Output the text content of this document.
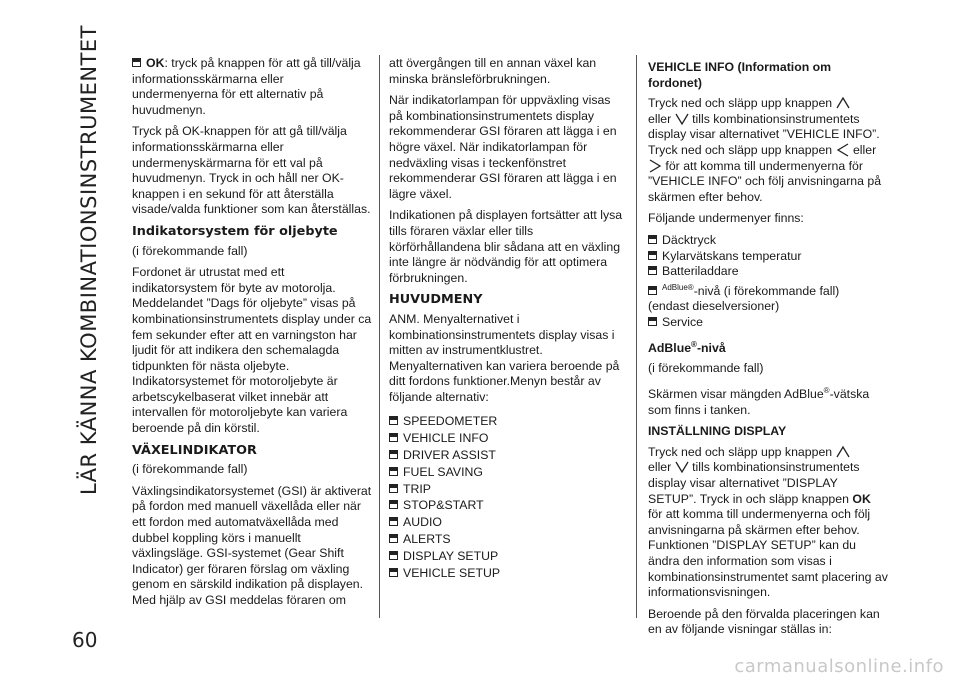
LÄR KÄNNA KOMBINATIONSINSTRUMENTET
60

OK: tryck på knappen för att gå till/välja informationsskärmarna eller undermenyerna för ett alternativ på huvudmenyn.

Tryck på OK-knappen för att gå till/välja informationsskärmarna eller undermenyskärmarna för ett val på huvudmenyn. Tryck in och håll ner OK-knappen i en sekund för att återställa visade/valda funktioner som kan återställas.

Indikatorsystem för oljebyte

(i förekommande fall)

Fordonet är utrustat med ett indikatorsystem för byte av motorolja. Meddelandet ”Dags för oljebyte” visas på kombinationsinstrumentets display under ca fem sekunder efter att en varningston har ljudit för att indikera den schemalagda tidpunkten för nästa oljebyte. Indikatorsystemet för motoroljebyte är arbetscykelbaserat vilket innebär att intervallen för motoroljebyte kan variera beroende på din körstil.

VÄXELINDIKATOR

(i förekommande fall)

Växlingsindikatorsystemet (GSI) är aktiverat på fordon med manuell växellåda eller när ett fordon med automatväxellåda med dubbel koppling körs i manuellt växlingsläge. GSI-systemet (Gear Shift Indicator) ger föraren förslag om växling genom en särskild indikation på displayen. Med hjälp av GSI meddelas föraren om

att övergången till en annan växel kan minska bränsleförbrukningen.

När indikatorlampan för uppväxling visas på kombinationsinstrumentets display rekommenderar GSI föraren att lägga i en högre växel. När indikatorlampan för nedväxling visas i teckenfönstret rekommenderar GSI föraren att lägga i en lägre växel.

Indikationen på displayen fortsätter att lysa tills föraren växlar eller tills körförhållandena blir sådana att en växling inte längre är nödvändig för att optimera förbrukningen.

HUVUDMENY

ANM. Menyalternativet i kombinationsinstrumentets display visas i mitten av instrumentklustret. Menyalternativen kan variera beroende på ditt fordons funktioner.Menyn består av följande alternativ:

SPEEDOMETER
VEHICLE INFO
DRIVER ASSIST
FUEL SAVING
TRIP
STOP&START
AUDIO
ALERTS
DISPLAY SETUP
VEHICLE SETUP
VEHICLE INFO (Information om fordonet)

Tryck ned och släpp upp knappen
eller tills kombinationsinstrumentets display visar alternativet ”VEHICLE INFO”. Tryck ned och släpp upp knappen eller  för att komma till undermenyerna för ”VEHICLE INFO” och följ anvisningarna på skärmen efter behov.

Följande undermenyer finns:

Däcktryck
Kylarvätskans temperatur
Batteriladdare
$^{AdBlue®}$-nivå (i förekommande fall)
(endast dieselversioner)
Service
AdBlue®-nivå

(i förekommande fall)

Skärmen visar mängden AdBlue®-vätska som finns i tanken.

INSTÄLLNING DISPLAY

Tryck ned och släpp upp knappen
eller tills kombinationsinstrumentets display visar alternativet ”DISPLAY SETUP”. Tryck in och släpp knappen OK för att komma till undermenyerna och följ anvisningarna på skärmen efter behov. Funktionen ”DISPLAY SETUP” kan du ändra den information som visas i kombinationsinstrumentet samt placering av informationsvisningen.

Beroende på den förvalda placeringen kan en av följande visningar ställas in:

carmanualsonline.info
